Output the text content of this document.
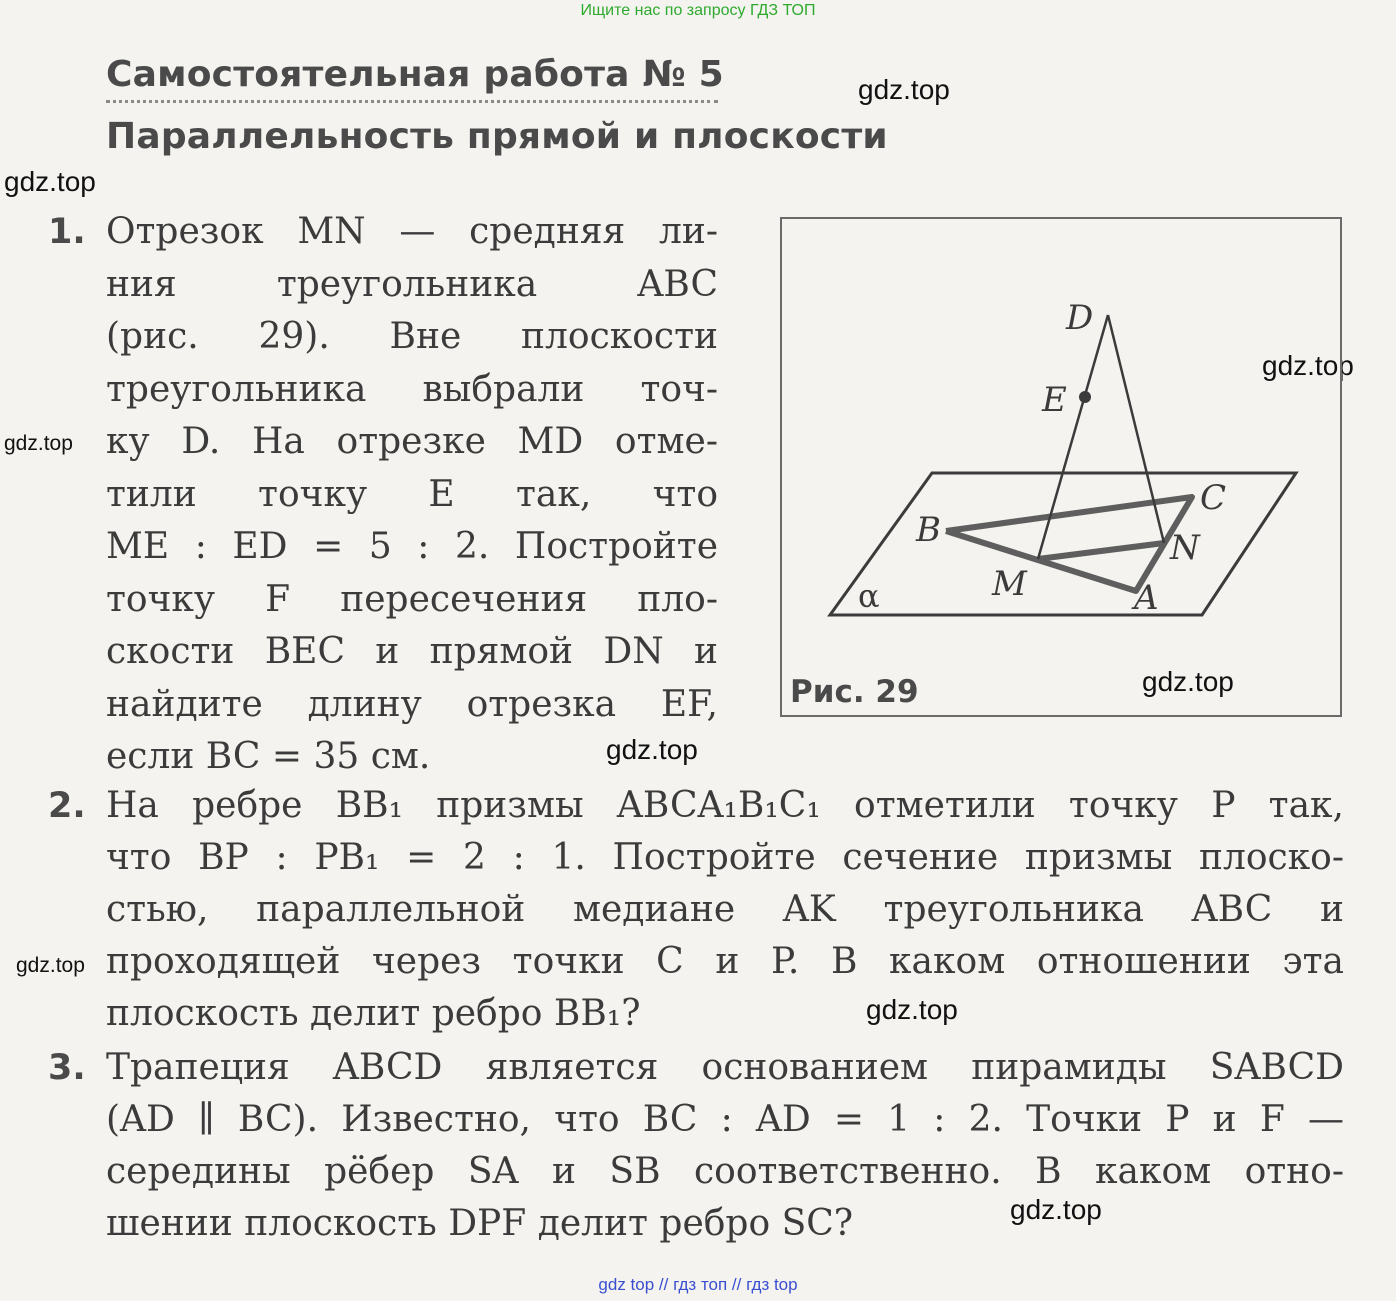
Ищите нас по запросу ГДЗ ТОП
Самостоятельная работа № 5
Параллельность прямой и плоскости
gdz.top
gdz.top
gdz.top
gdz.top
gdz.top
gdz.top
gdz.top
gdz.top
gdz.top
1. Отрезок MN — средняя ли-
ния треугольника ABC
(рис. 29). Вне плоскости
треугольника выбрали точ-
ку D. На отрезке MD отме-
тили точку E так, что
ME : ED = 5 : 2. Постройте
точку F пересечения пло-
скости BEC и прямой DN и
найдите длину отрезка EF,
если BC = 35 см.
D
E
B
C
N
M	A
α
Рис. 29
2. На ребре BB₁ призмы ABCA₁B₁C₁ отметили точку P так,
что BP : PB₁ = 2 : 1. Постройте сечение призмы плоско-
стью, параллельной медиане AK треугольника ABC и
проходящей через точки C и P. В каком отношении эта
плоскость делит ребро BB₁?
3. Трапеция ABCD является основанием пирамиды SABCD
(AD ∥ BC). Известно, что BC : AD = 1 : 2. Точки P и F —
середины рёбер SA и SB соответственно. В каком отно-
шении плоскость DPF делит ребро SC?
gdz top // гдз топ // гдз top
